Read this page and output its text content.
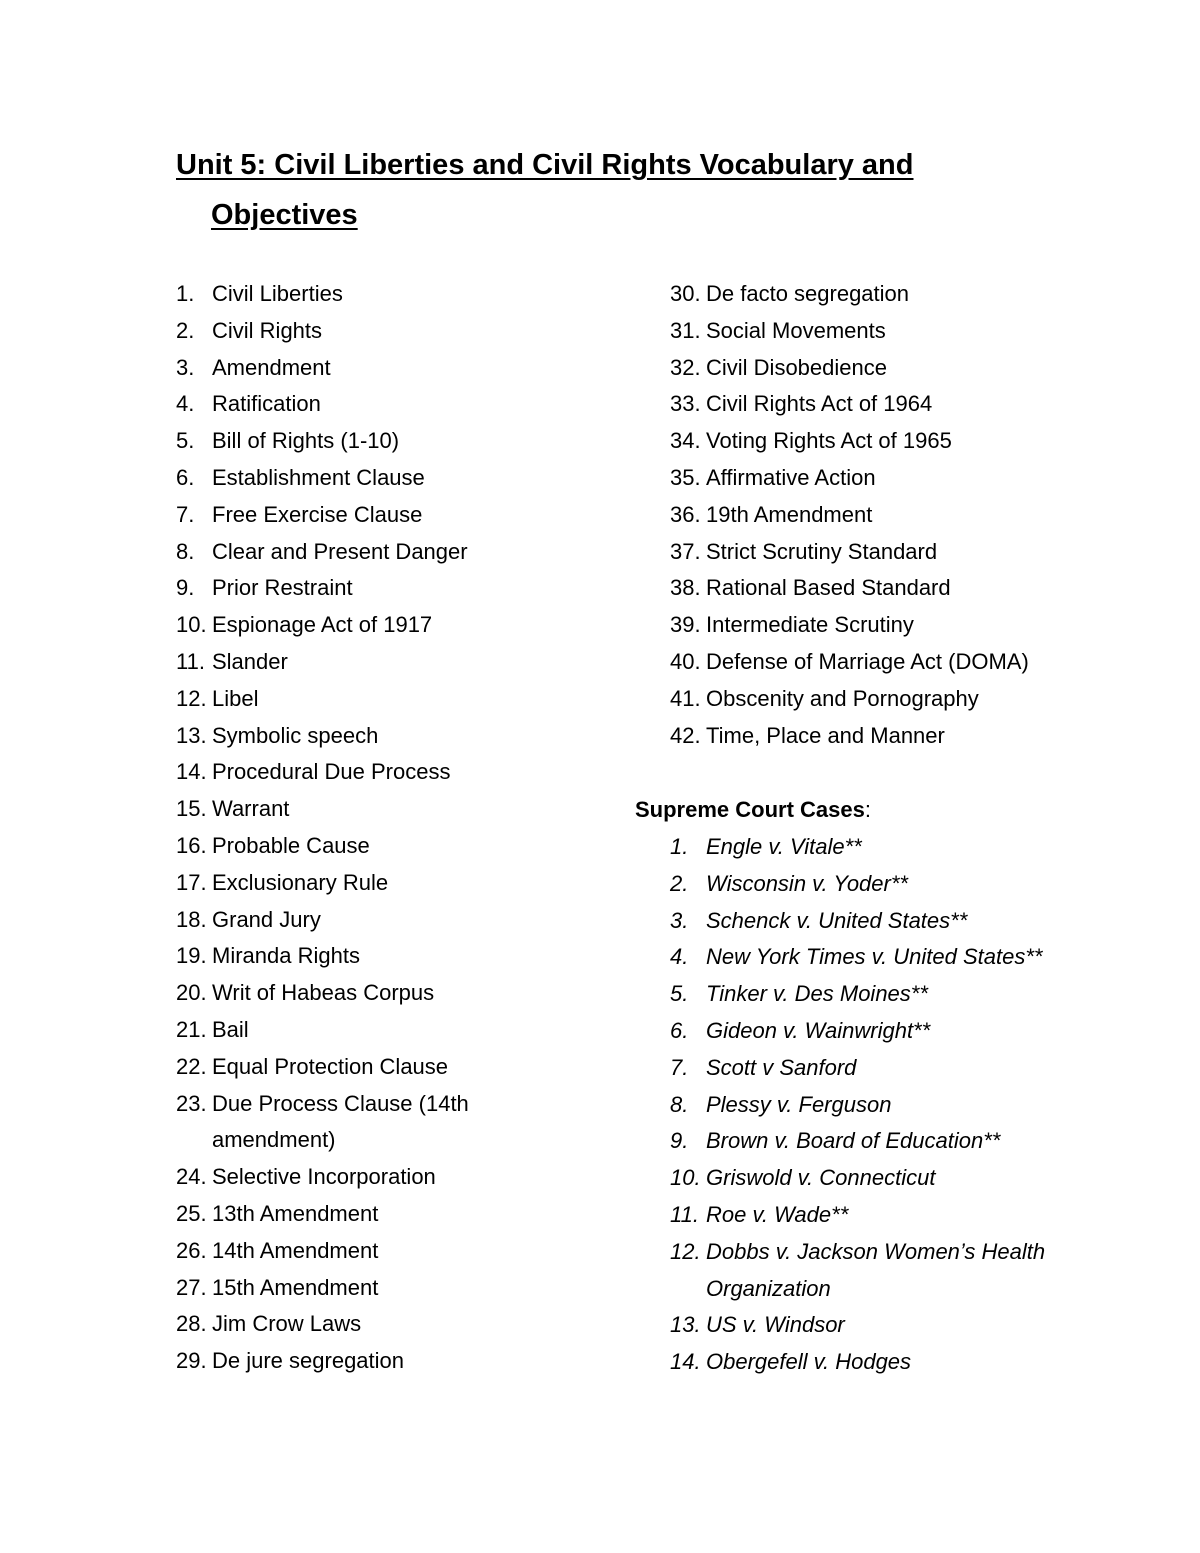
Unit 5: Civil Liberties and Civil Rights Vocabulary and
Objectives
1. Civil Liberties
2. Civil Rights
3. Amendment
4. Ratification
5. Bill of Rights (1-10)
6. Establishment Clause
7. Free Exercise Clause
8. Clear and Present Danger
9. Prior Restraint
10. Espionage Act of 1917
11. Slander
12. Libel
13. Symbolic speech
14. Procedural Due Process
15. Warrant
16. Probable Cause
17. Exclusionary Rule
18. Grand Jury
19. Miranda Rights
20. Writ of Habeas Corpus
21. Bail
22. Equal Protection Clause
23. Due Process Clause (14th amendment)
24. Selective Incorporation
25. 13th Amendment
26. 14th Amendment
27. 15th Amendment
28. Jim Crow Laws
29. De jure segregation
30. De facto segregation
31. Social Movements
32. Civil Disobedience
33. Civil Rights Act of 1964
34. Voting Rights Act of 1965
35. Affirmative Action
36. 19th Amendment
37. Strict Scrutiny Standard
38. Rational Based Standard
39. Intermediate Scrutiny
40. Defense of Marriage Act (DOMA)
41. Obscenity and Pornography
42. Time, Place and Manner
Supreme Court Cases:
1. Engle v. Vitale**
2. Wisconsin v. Yoder**
3. Schenck v. United States**
4. New York Times v. United States**
5. Tinker v. Des Moines**
6. Gideon v. Wainwright**
7. Scott v Sanford
8. Plessy v. Ferguson
9. Brown v. Board of Education**
10. Griswold v. Connecticut
11. Roe v. Wade**
12. Dobbs v. Jackson Women’s Health Organization
13. US v. Windsor
14. Obergefell v. Hodges
